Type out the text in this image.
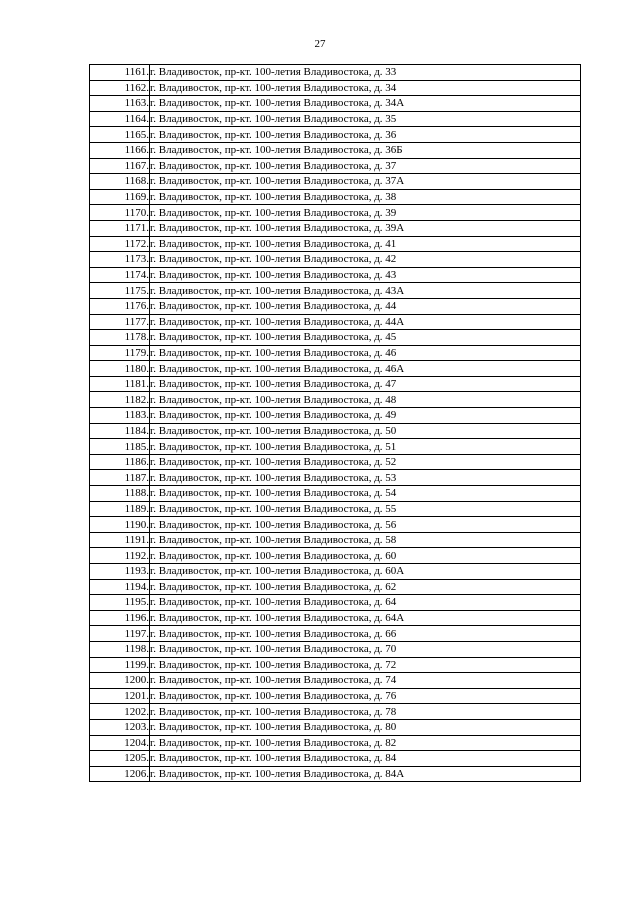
27
1161.	г. Владивосток, пр-кт. 100-летия Владивостока, д. 33
1162.	г. Владивосток, пр-кт. 100-летия Владивостока, д. 34
1163.	г. Владивосток, пр-кт. 100-летия Владивостока, д. 34А
1164.	г. Владивосток, пр-кт. 100-летия Владивостока, д. 35
1165.	г. Владивосток, пр-кт. 100-летия Владивостока, д. 36
1166.	г. Владивосток, пр-кт. 100-летия Владивостока, д. 36Б
1167.	г. Владивосток, пр-кт. 100-летия Владивостока, д. 37
1168.	г. Владивосток, пр-кт. 100-летия Владивостока, д. 37А
1169.	г. Владивосток, пр-кт. 100-летия Владивостока, д. 38
1170.	г. Владивосток, пр-кт. 100-летия Владивостока, д. 39
1171.	г. Владивосток, пр-кт. 100-летия Владивостока, д. 39А
1172.	г. Владивосток, пр-кт. 100-летия Владивостока, д. 41
1173.	г. Владивосток, пр-кт. 100-летия Владивостока, д. 42
1174.	г. Владивосток, пр-кт. 100-летия Владивостока, д. 43
1175.	г. Владивосток, пр-кт. 100-летия Владивостока, д. 43А
1176.	г. Владивосток, пр-кт. 100-летия Владивостока, д. 44
1177.	г. Владивосток, пр-кт. 100-летия Владивостока, д. 44А
1178.	г. Владивосток, пр-кт. 100-летия Владивостока, д. 45
1179.	г. Владивосток, пр-кт. 100-летия Владивостока, д. 46
1180.	г. Владивосток, пр-кт. 100-летия Владивостока, д. 46А
1181.	г. Владивосток, пр-кт. 100-летия Владивостока, д. 47
1182.	г. Владивосток, пр-кт. 100-летия Владивостока, д. 48
1183.	г. Владивосток, пр-кт. 100-летия Владивостока, д. 49
1184.	г. Владивосток, пр-кт. 100-летия Владивостока, д. 50
1185.	г. Владивосток, пр-кт. 100-летия Владивостока, д. 51
1186.	г. Владивосток, пр-кт. 100-летия Владивостока, д. 52
1187.	г. Владивосток, пр-кт. 100-летия Владивостока, д. 53
1188.	г. Владивосток, пр-кт. 100-летия Владивостока, д. 54
1189.	г. Владивосток, пр-кт. 100-летия Владивостока, д. 55
1190.	г. Владивосток, пр-кт. 100-летия Владивостока, д. 56
1191.	г. Владивосток, пр-кт. 100-летия Владивостока, д. 58
1192.	г. Владивосток, пр-кт. 100-летия Владивостока, д. 60
1193.	г. Владивосток, пр-кт. 100-летия Владивостока, д. 60А
1194.	г. Владивосток, пр-кт. 100-летия Владивостока, д. 62
1195.	г. Владивосток, пр-кт. 100-летия Владивостока, д. 64
1196.	г. Владивосток, пр-кт. 100-летия Владивостока, д. 64А
1197.	г. Владивосток, пр-кт. 100-летия Владивостока, д. 66
1198.	г. Владивосток, пр-кт. 100-летия Владивостока, д. 70
1199.	г. Владивосток, пр-кт. 100-летия Владивостока, д. 72
1200.	г. Владивосток, пр-кт. 100-летия Владивостока, д. 74
1201.	г. Владивосток, пр-кт. 100-летия Владивостока, д. 76
1202.	г. Владивосток, пр-кт. 100-летия Владивостока, д. 78
1203.	г. Владивосток, пр-кт. 100-летия Владивостока, д. 80
1204.	г. Владивосток, пр-кт. 100-летия Владивостока, д. 82
1205.	г. Владивосток, пр-кт. 100-летия Владивостока, д. 84
1206.	г. Владивосток, пр-кт. 100-летия Владивостока, д. 84А
